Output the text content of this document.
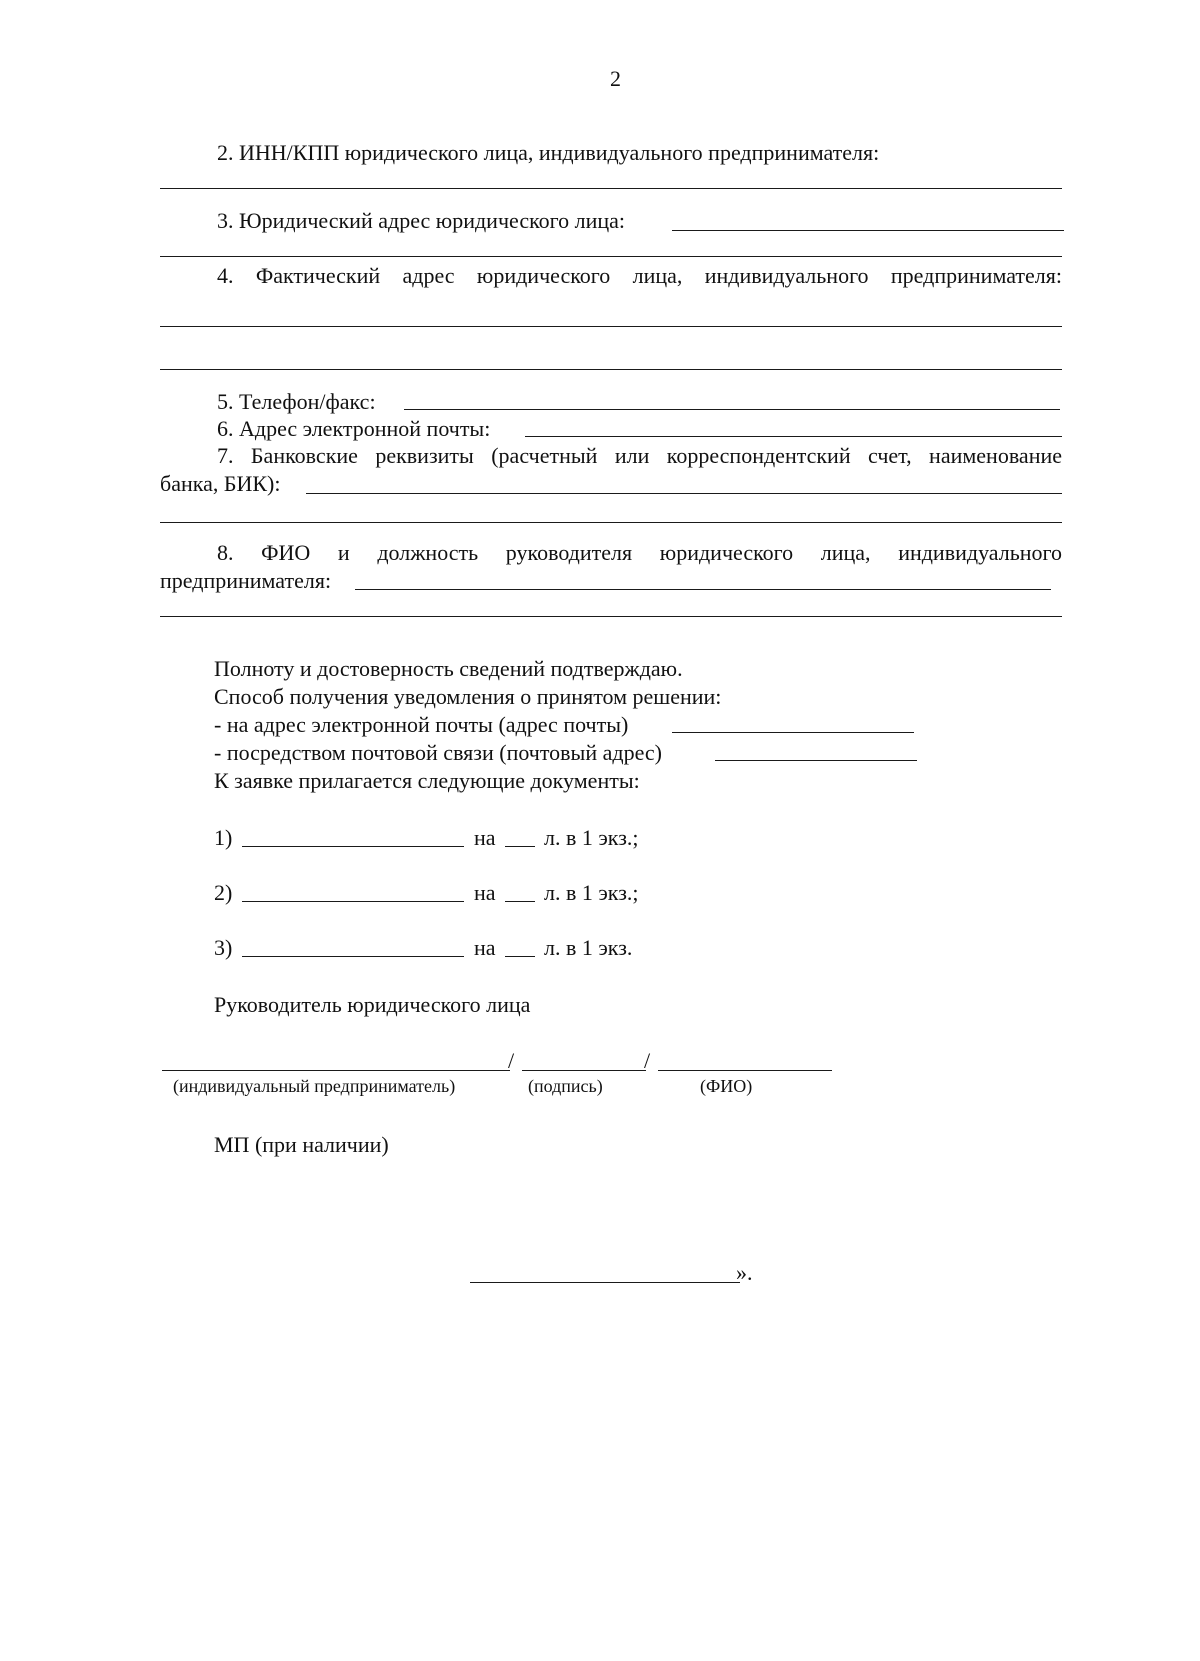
2
2. ИНН/КПП юридического лица, индивидуального предпринимателя:
3. Юридический адрес юридического лица:
4. Фактический адрес юридического лица, индивидуального предпринимателя:
5. Телефон/факс:
6. Адрес электронной почты:
7. Банковские реквизиты (расчетный или корреспондентский счет, наименование
банка, БИК):
8. ФИО и должность руководителя юридического лица, индивидуального
предпринимателя:
Полноту и достоверность сведений подтверждаю.
Способ получения уведомления о принятом решении:
- на адрес электронной почты (адрес почты)
- посредством почтовой связи (почтовый адрес)
К заявке прилагается следующие документы:
1)	на л. в 1 экз.;
2)	на л. в 1 экз.;
3)	на л. в 1 экз.
Руководитель юридического лица
/	/
(индивидуальный предприниматель)	(подпись)	(ФИО)
МП (при наличии)
».
